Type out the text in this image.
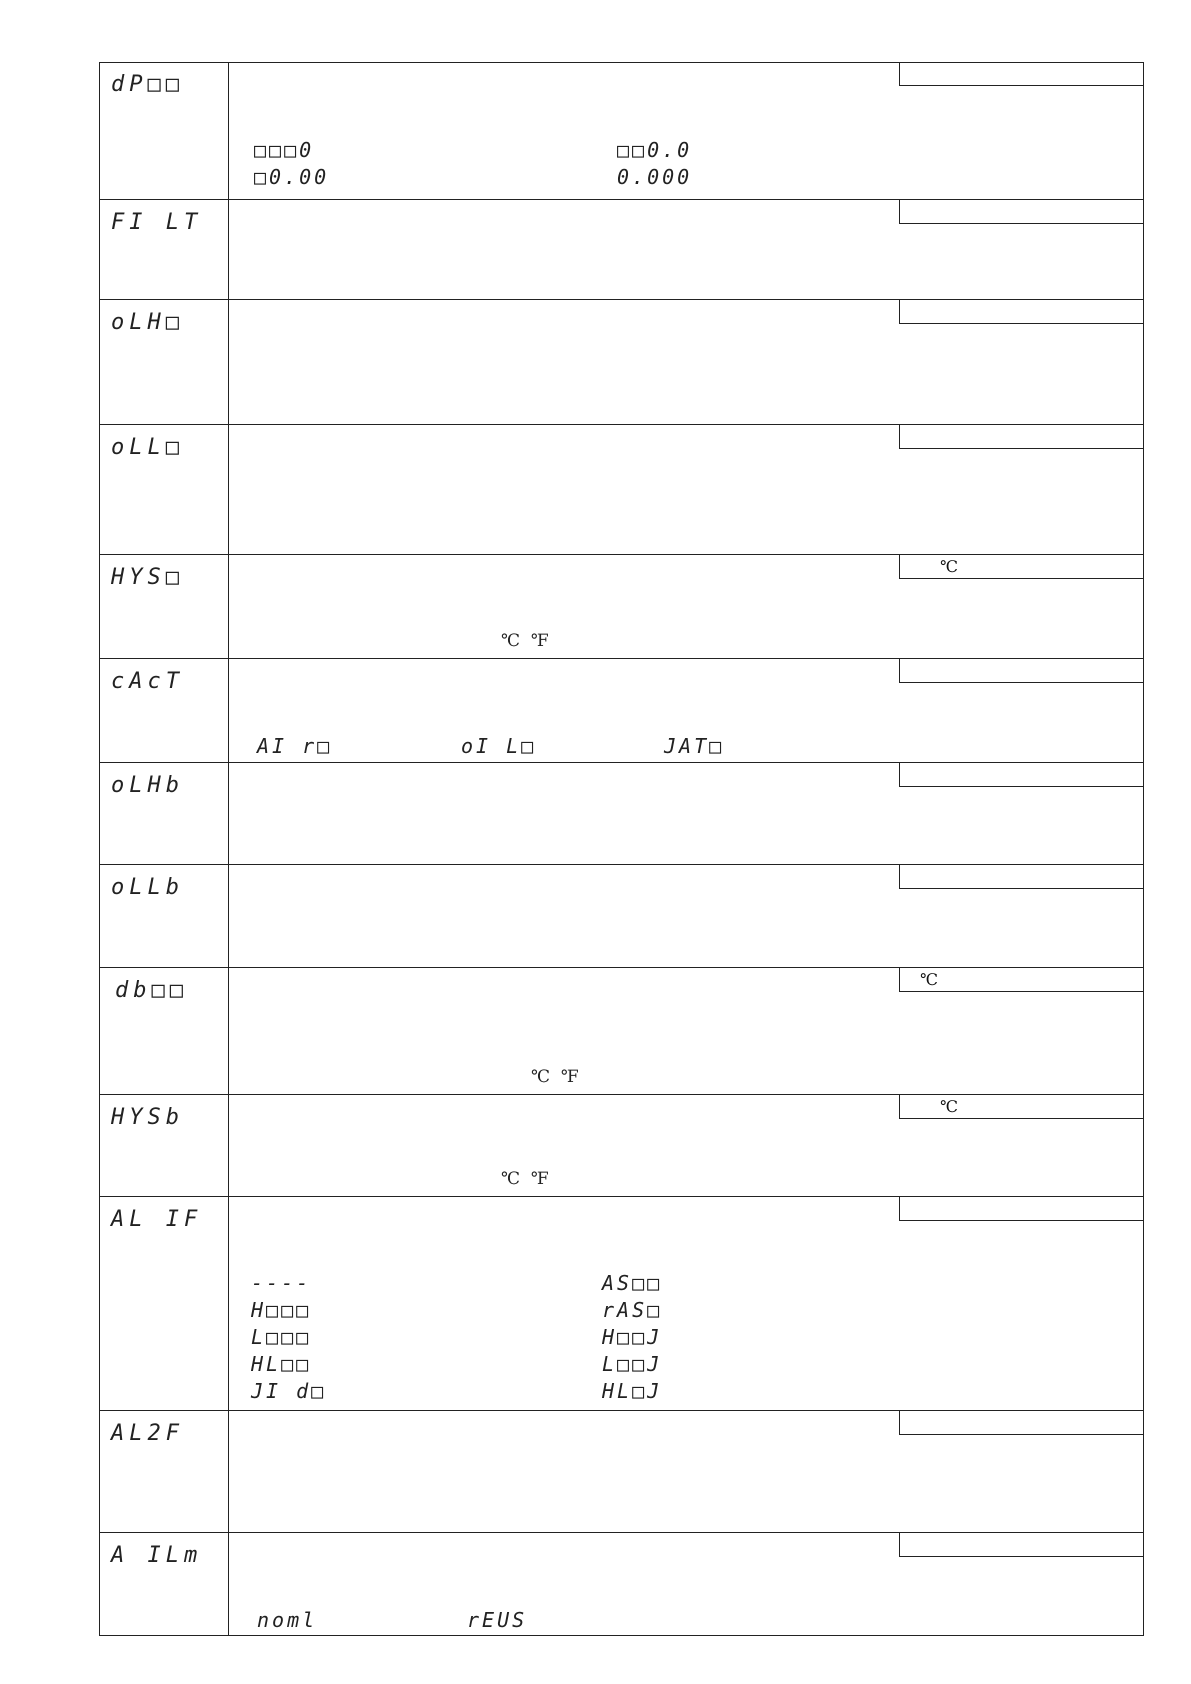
dP□□
□□□0	□□0.0
□0.00	0.000
FI LT
oLH□
oLL□
HYS□	℃
℃  ℉
cAcT
AI r□	oI L□	JAT□
oLHb
oLLb
db□□	℃
℃  ℉
HYSb	℃
℃  ℉
AL IF
----	AS□□
H□□□	rAS□
L□□□	H□□J
HL□□	L□□J
JI d□	HL□J
AL2F
A ILm
noml	rEUS
